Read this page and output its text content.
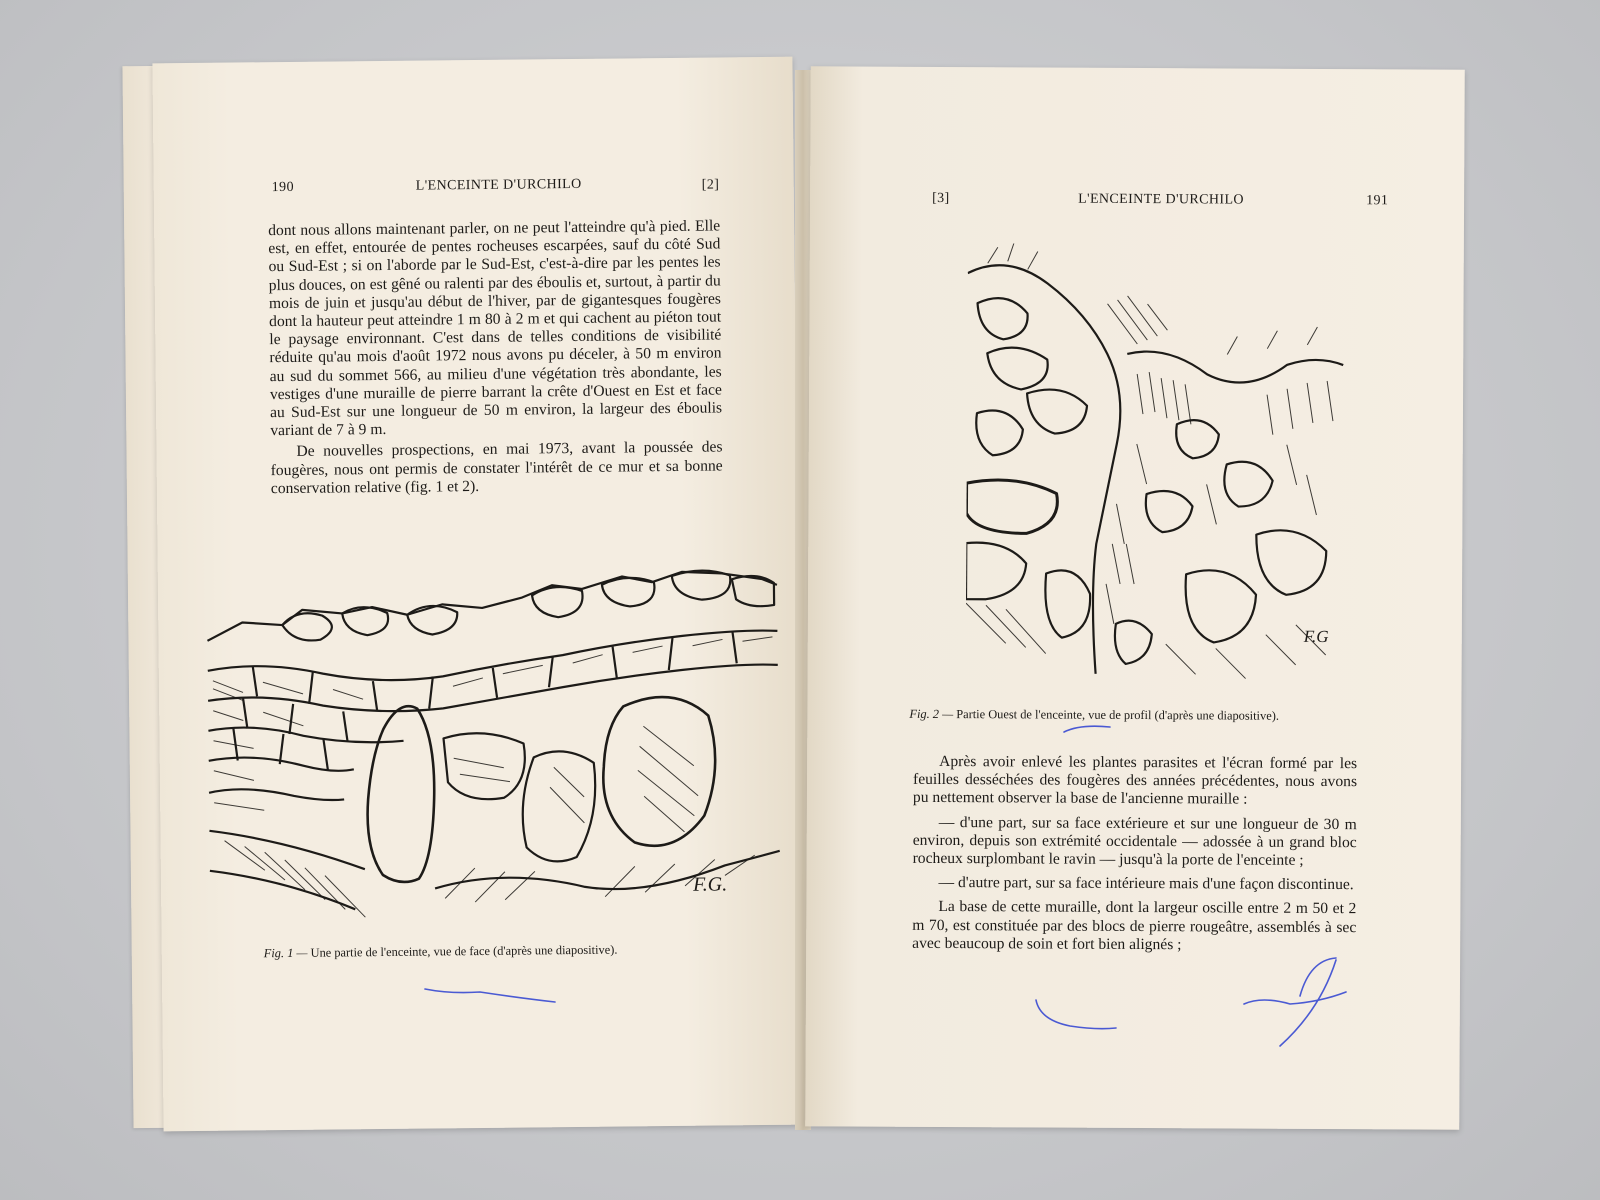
190	L'ENCEINTE D'URCHILO	[2]

dont nous allons maintenant parler, on ne peut l'atteindre qu'à pied. Elle est, en effet, entourée de pentes rocheuses escarpées, sauf du côté Sud ou Sud-Est ; si on l'aborde par le Sud-Est, c'est-à-dire par les pentes les plus douces, on est gêné ou ralenti par des éboulis et, surtout, à partir du mois de juin et jusqu'au début de l'hiver, par de gigantesques fougères dont la hauteur peut atteindre 1 m 80 à 2 m et qui cachent au piéton tout le paysage environnant. C'est dans de telles conditions de visibilité réduite qu'au mois d'août 1972 nous avons pu déceler, à 50 m environ au sud du sommet 566, au milieu d'une végétation très abondante, les vestiges d'une muraille de pierre barrant la crête d'Ouest en Est et face au Sud-Est sur une longueur de 50 m environ, la largeur des éboulis variant de 7 à 9 m.

De nouvelles prospections, en mai 1973, avant la poussée des fougères, nous ont permis de constater l'intérêt de ce mur et sa bonne conservation relative (fig. 1 et 2).

F.G.
Fig. 1 — Une partie de l'enceinte, vue de face (d'après une diapositive).
[3]	L'ENCEINTE D'URCHILO	191
F.G
Fig. 2 — Partie Ouest de l'enceinte, vue de profil (d'après une diapositive).

Après avoir enlevé les plantes parasites et l'écran formé par les feuilles desséchées des fougères des années précédentes, nous avons pu nettement observer la base de l'ancienne muraille :

— d'une part, sur sa face extérieure et sur une longueur de 30 m environ, depuis son extrémité occidentale — adossée à un grand bloc rocheux surplombant le ravin — jusqu'à la porte de l'enceinte ;

— d'autre part, sur sa face intérieure mais d'une façon discontinue.

La base de cette muraille, dont la largeur oscille entre 2 m 50 et 2 m 70, est constituée par des blocs de pierre rougeâtre, assemblés à sec avec beaucoup de soin et fort bien alignés ;
